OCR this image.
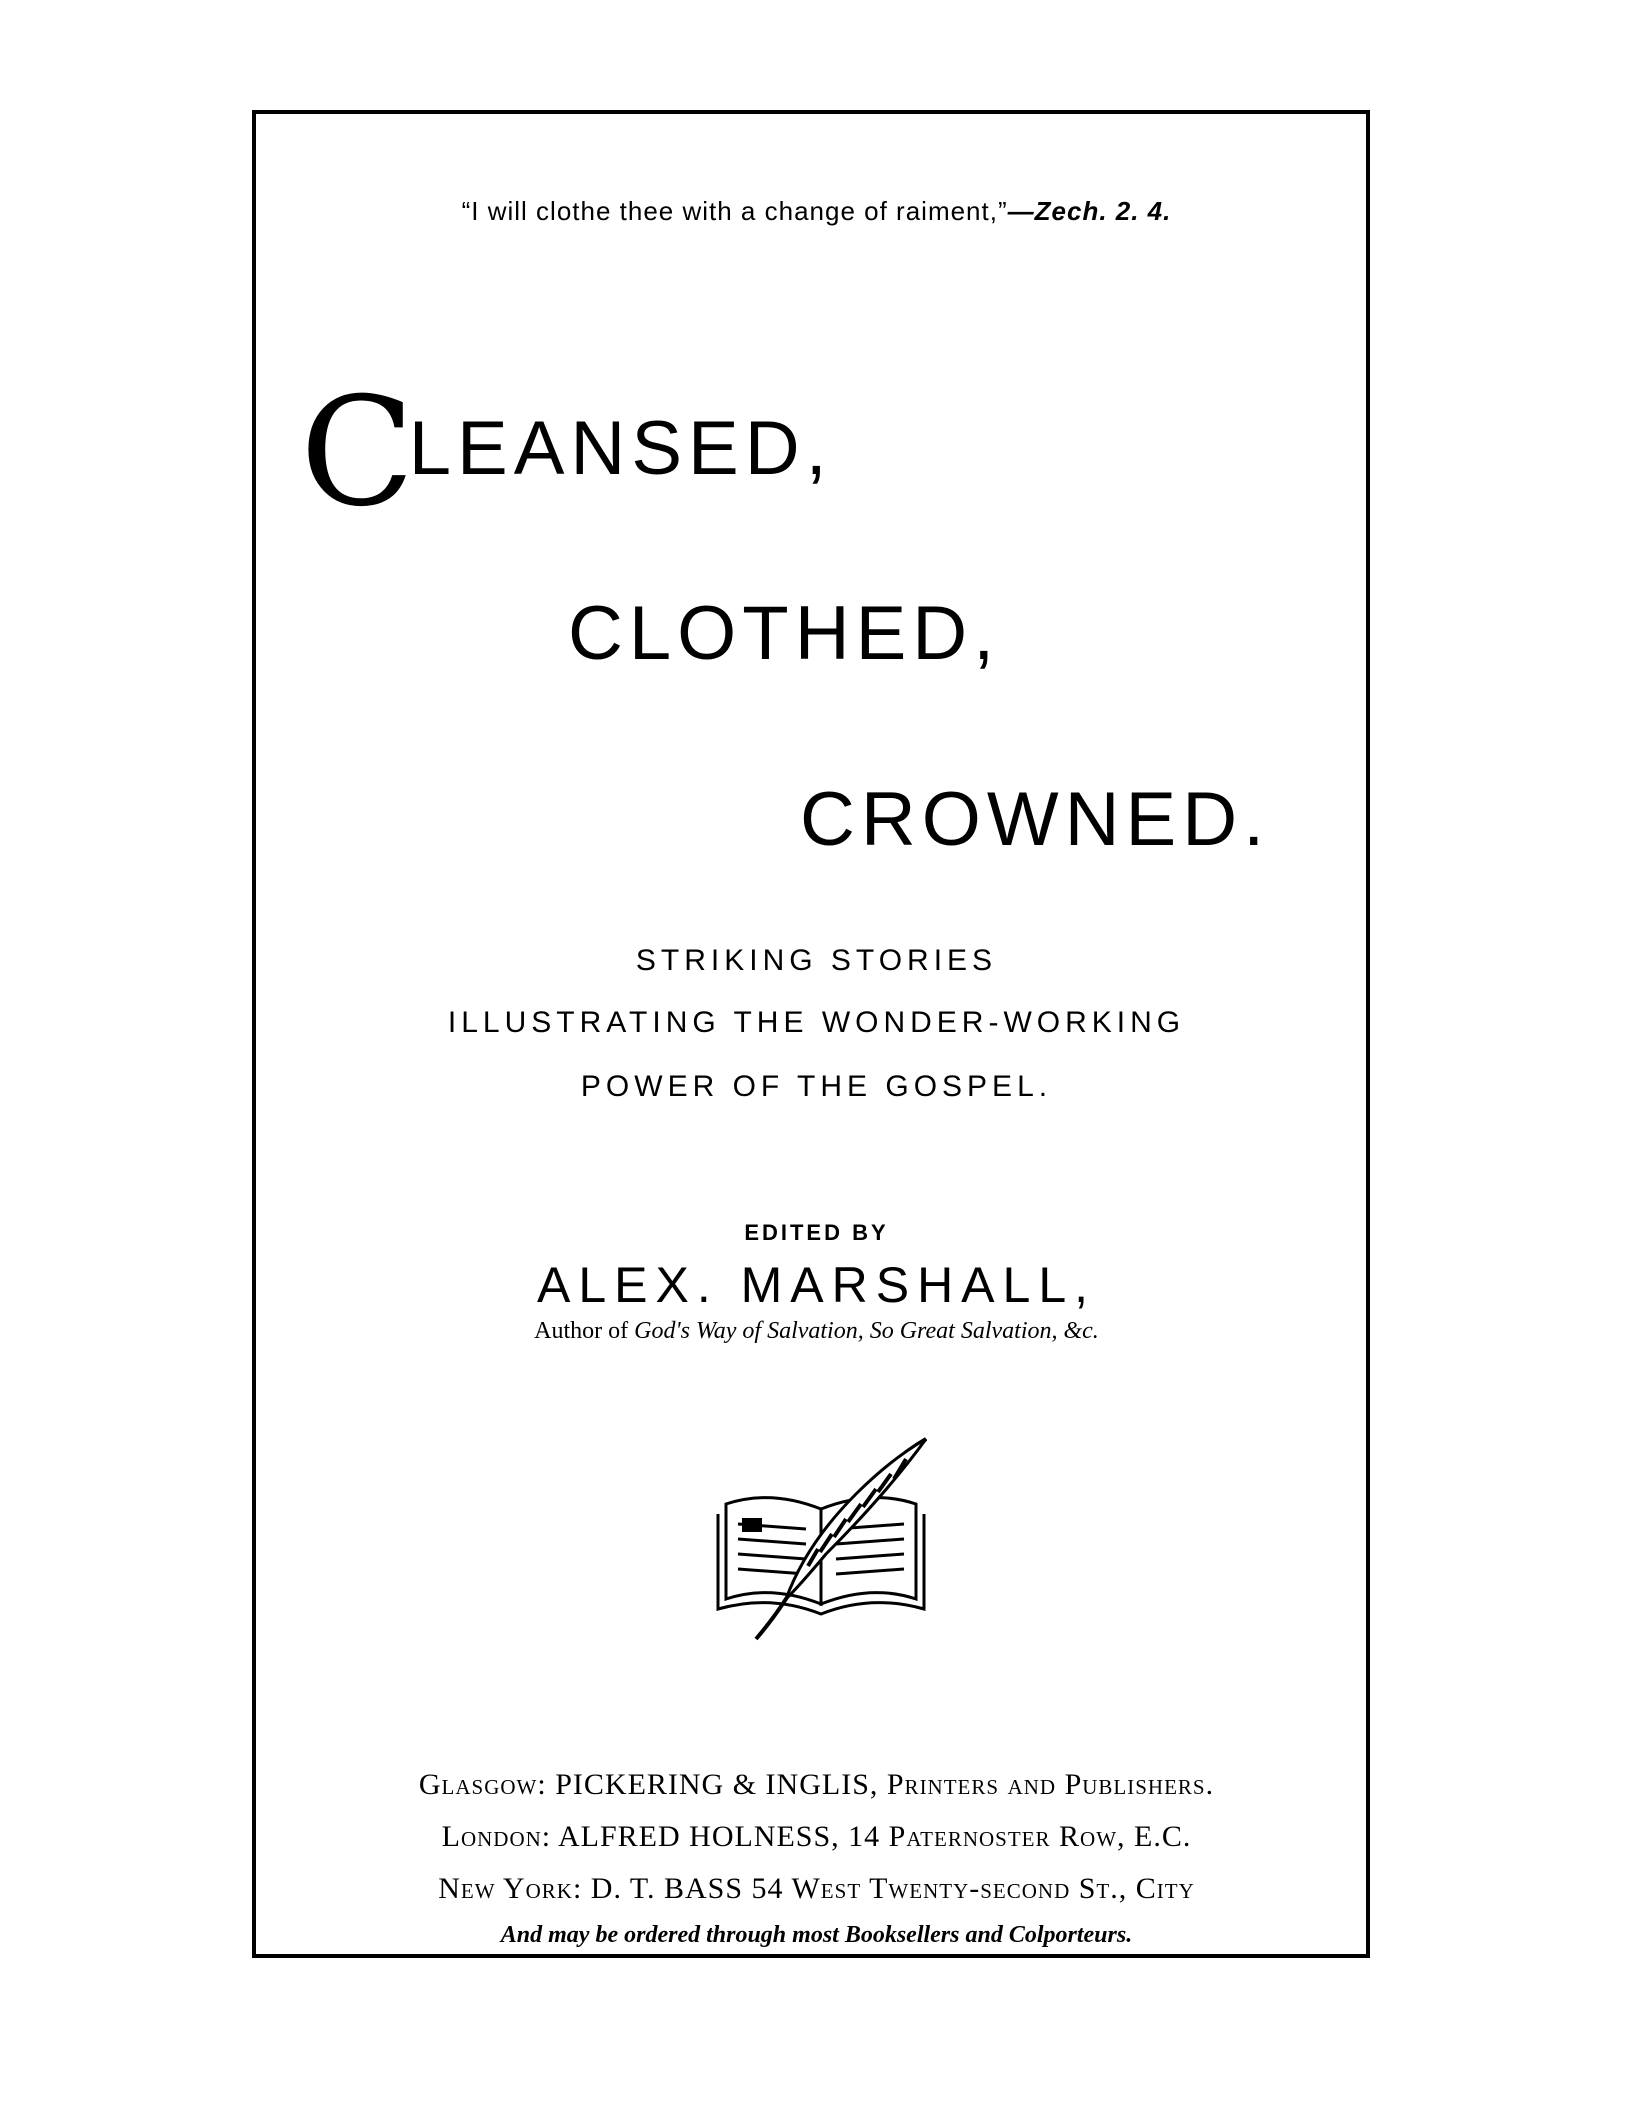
“I will clothe thee with a change of raiment,”—Zech. 2. 4.
CLEANSED,
CLOTHED,
CROWNED.
STRIKING STORIES
ILLUSTRATING THE WONDER-WORKING
POWER OF THE GOSPEL.
EDITED BY
ALEX. MARSHALL,
Author of God's Way of Salvation, So Great Salvation, &c.
Glasgow: PICKERING & INGLIS, Printers and Publishers.
London: ALFRED HOLNESS, 14 Paternoster Row, E.C.
New York: D. T. BASS 54 West Twenty-second St., City
And may be ordered through most Booksellers and Colporteurs.
